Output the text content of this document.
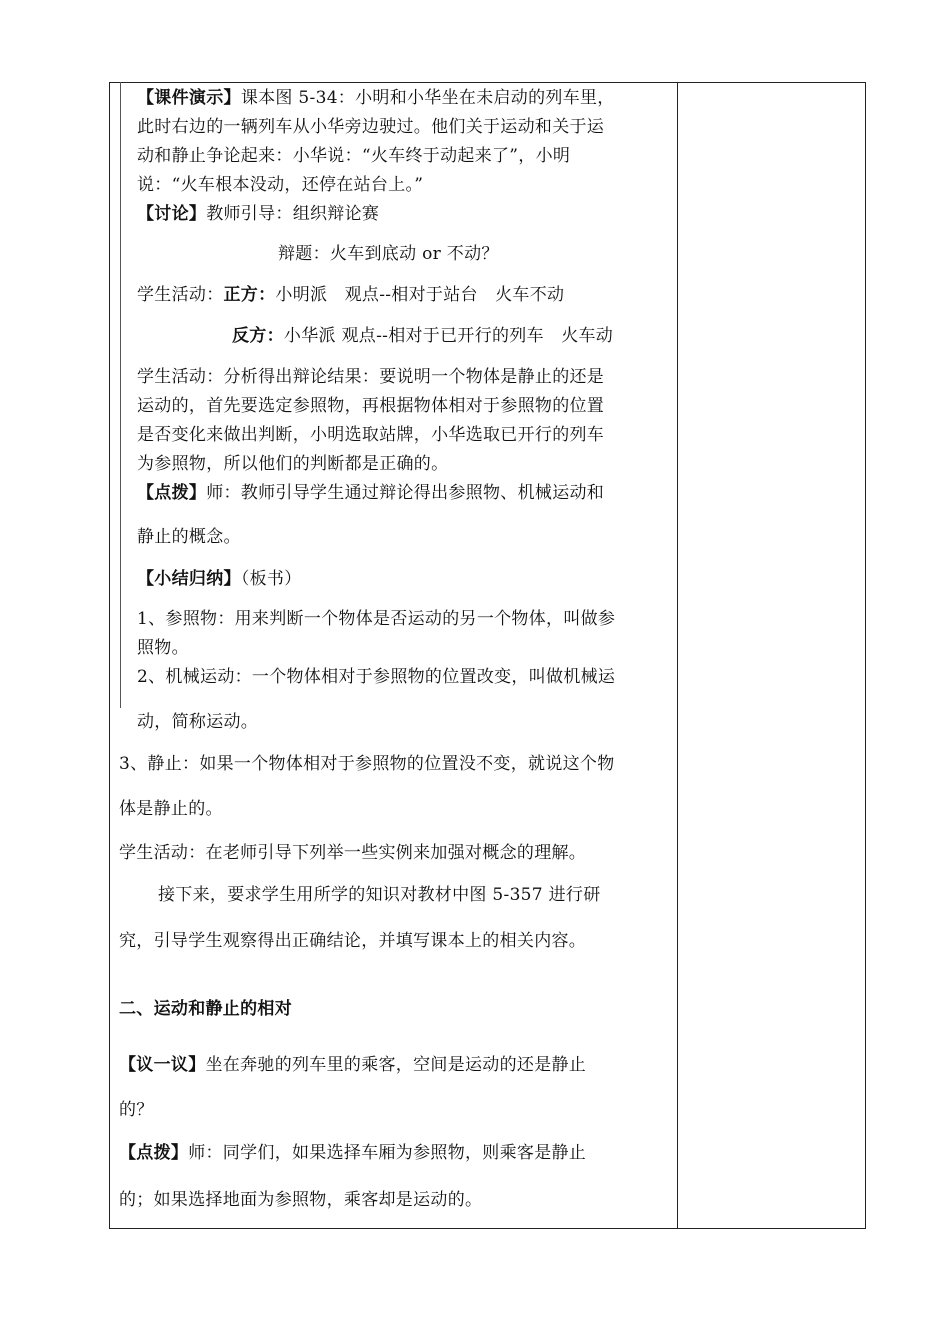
【课件演示】课本图 5-34：小明和小华坐在未启动的列车里，
此时右边的一辆列车从小华旁边驶过。他们关于运动和关于运
动和静止争论起来：小华说：“火车终于动起来了”，小明
说：“火车根本没动，还停在站台上。”
【讨论】教师引导：组织辩论赛
辩题：火车到底动 or 不动？
学生活动：正方：小明派　观点--相对于站台　火车不动
反方：小华派 观点--相对于已开行的列车　火车动
学生活动：分析得出辩论结果：要说明一个物体是静止的还是
运动的，首先要选定参照物，再根据物体相对于参照物的位置
是否变化来做出判断，小明选取站牌，小华选取已开行的列车
为参照物，所以他们的判断都是正确的。
【点拨】师：教师引导学生通过辩论得出参照物、机械运动和
静止的概念。
【小结归纳】（板书）
1、参照物：用来判断一个物体是否运动的另一个物体，叫做参
照物。
2、机械运动：一个物体相对于参照物的位置改变，叫做机械运
动，简称运动。
3、静止：如果一个物体相对于参照物的位置没不变，就说这个物
体是静止的。
学生活动：在老师引导下列举一些实例来加强对概念的理解。
接下来，要求学生用所学的知识对教材中图 5-357 进行研
究，引导学生观察得出正确结论，并填写课本上的相关内容。
二、运动和静止的相对
【议一议】坐在奔驰的列车里的乘客，空间是运动的还是静止
的？
【点拨】师：同学们，如果选择车厢为参照物，则乘客是静止
的；如果选择地面为参照物，乘客却是运动的。
